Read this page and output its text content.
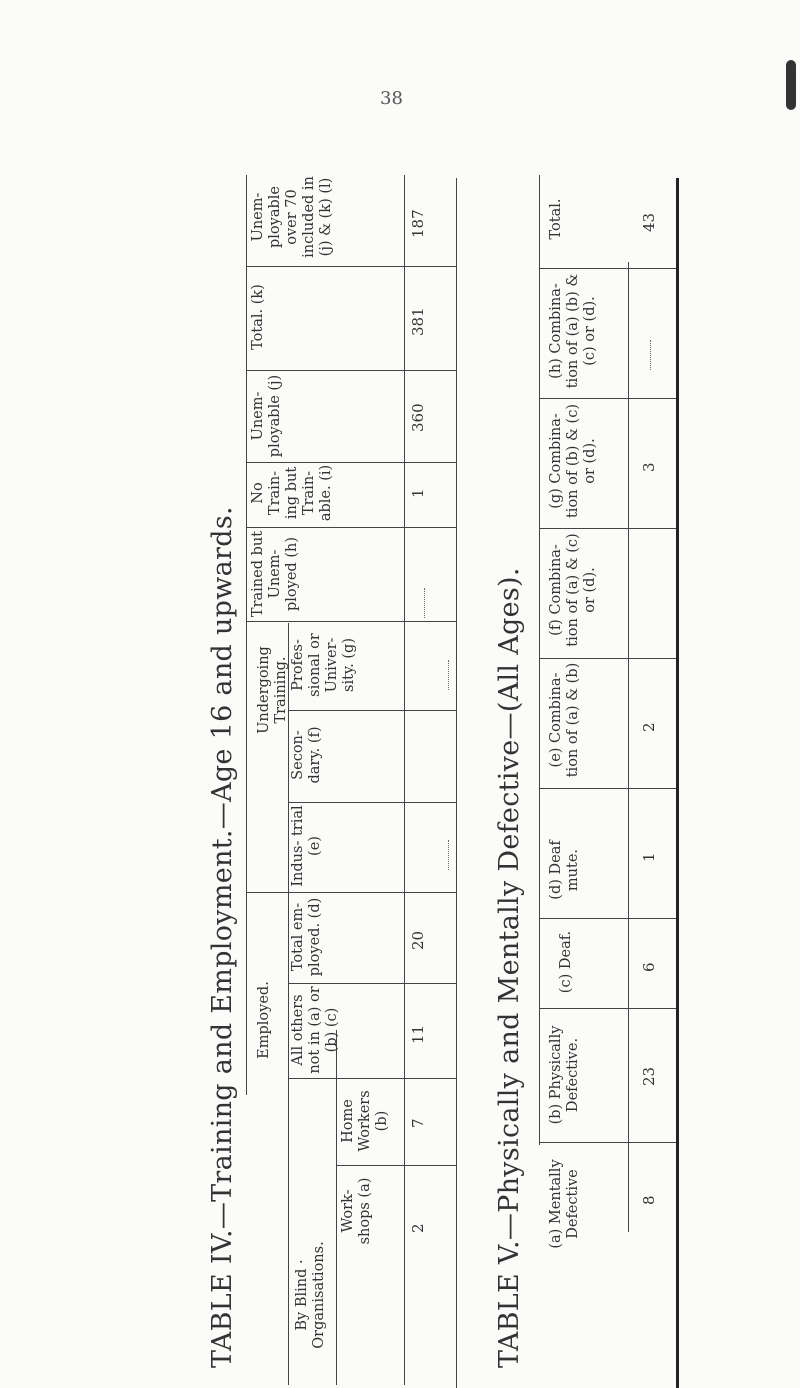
38
TABLE IV.—Training and Employment.—Age 16 and upwards. Undergoing Training.
Employed.
By Blind · Organisations.
Work- shops (a)
Home Workers (b)
All others not in (a) or (b) (c)
Total em- ployed. (d)
Indus- trial (e)
Secon- dary. (f)
Profes- sional or Univer- sity. (g)
Trained but Unem- ployed (h)
No Train- ing but Train- able. (i)
Unem- ployable (j)
Total. (k)
Unem- ployable over 70 included in (j) & (k) (l)
2
7
11
20
1
360
381
187
TABLE V.—Physically and Mentally Defective—(All Ages). (a) Mentally Defective
(b) Physically Defective.
(c) Deaf.
(d) Deaf mute.
(e) Combina- tion of (a) & (b)
(f) Combina- tion of (a) & (c) or (d).
(g) Combina- tion of (b) & (c) or (d).
(h) Combina- tion of (a) (b) & (c) or (d).
Total.
8
23
6
1
2
3
43
